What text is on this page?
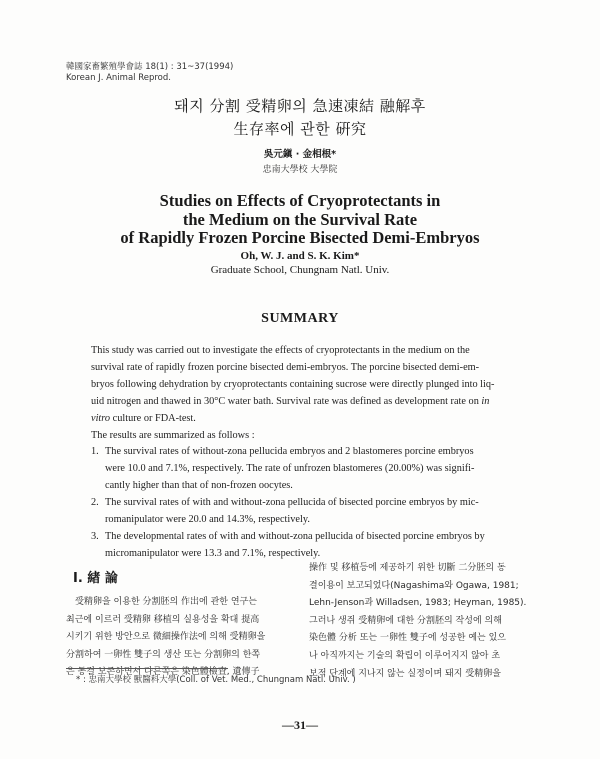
韓國家畜繁殖學會誌 18(1) : 31~37(1994)
Korean J. Animal Reprod.
돼지 分割 受精卵의 急速凍結 融解후
生存率에 관한 硏究
吳元鎭 · 金相根*
忠南大學校 大學院
Studies on Effects of Cryoprotectants in
the Medium on the Survival Rate
of Rapidly Frozen Porcine Bisected Demi-Embryos
Oh, W. J. and S. K. Kim*
Graduate School, Chungnam Natl. Univ.
SUMMARY

This study was carried out to investigate the effects of cryoprotectants in the medium on the

survival rate of rapidly frozen porcine bisected demi-embryos. The porcine bisected demi-em-

bryos following dehydration by cryoprotectants containing sucrose were directly plunged into liq-

uid nitrogen and thawed in 30°C water bath. Survival rate was defined as development rate on in

vitro culture or FDA-test.

The results are summarized as follows :

1. The survival rates of without-zona pellucida embryos and 2 blastomeres porcine embryos

were 10.0 and 7.1%, respectively. The rate of unfrozen blastomeres (20.00%) was signifi-

cantly higher than that of non-frozen oocytes.

2. The survival rates of with and without-zona pellucida of bisected porcine embryos by mic-

romanipulator were 20.0 and 14.3%, respectively.

3. The developmental rates of with and without-zona pellucida of bisected porcine embryos by

micromanipulator were 13.3 and 7.1%, respectively.

Ⅰ. 緖 論
　受精卵을 이용한 分割胚의 作出에 관한 연구는
최근에 이르러 受精卵 移植의 실용성을 확대 提高
시키기 위한 방안으로 微細操作法에 의해 受精卵을
分割하여 一卵性 雙子의 생산 또는 分割卵의 한쪽
은 동결 보존하면서 다른쪽은 染色體檢査, 遺傳子
操作 및 移植등에 제공하기 위한 切斷 二分胚의 동
결이용이 보고되었다(Nagashima와 Ogawa, 1981;
Lehn-Jenson과 Willadsen, 1983; Heyman, 1985).
그러나 생쥐 受精卵에 대한 分割胚의 작성에 의해
染色體 分析 또는 一卵性 雙子에 성공한 예는 있으
나 아직까지는 기술의 확립이 이루어지지 않아 초
보적 단계에 지나지 않는 실정이며 돼지 受精卵을
* : 忠南大學校 獸醫科大學(Coll. of Vet. Med., Chungnam Natl. Univ. )
—31—
